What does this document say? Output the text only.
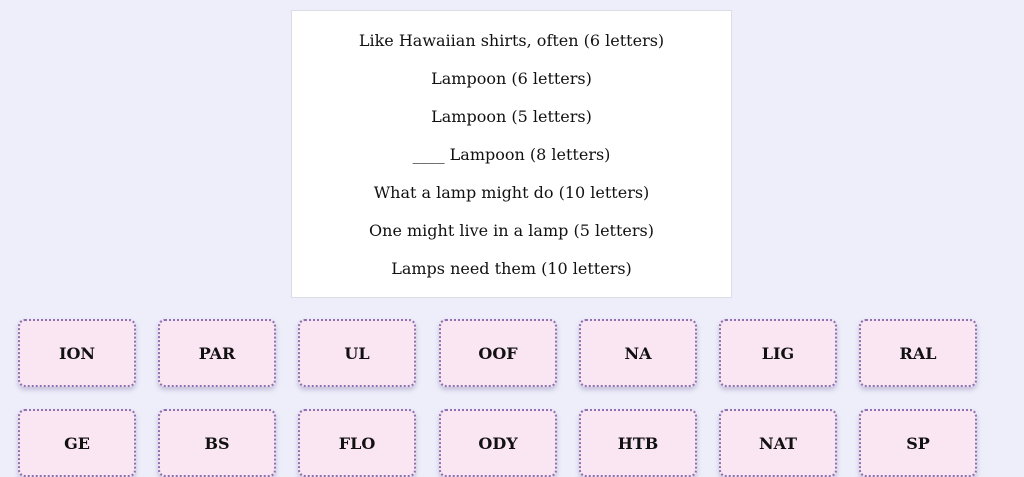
Like Hawaiian shirts, often (6 letters)
Lampoon (6 letters)
Lampoon (5 letters)
____ Lampoon (8 letters)
What a lamp might do (10 letters)
One might live in a lamp (5 letters)
Lamps need them (10 letters)
ION	PAR	UL	OOF	NA	LIG	RAL
GE	BS	FLO	ODY	HTB	NAT	SP
